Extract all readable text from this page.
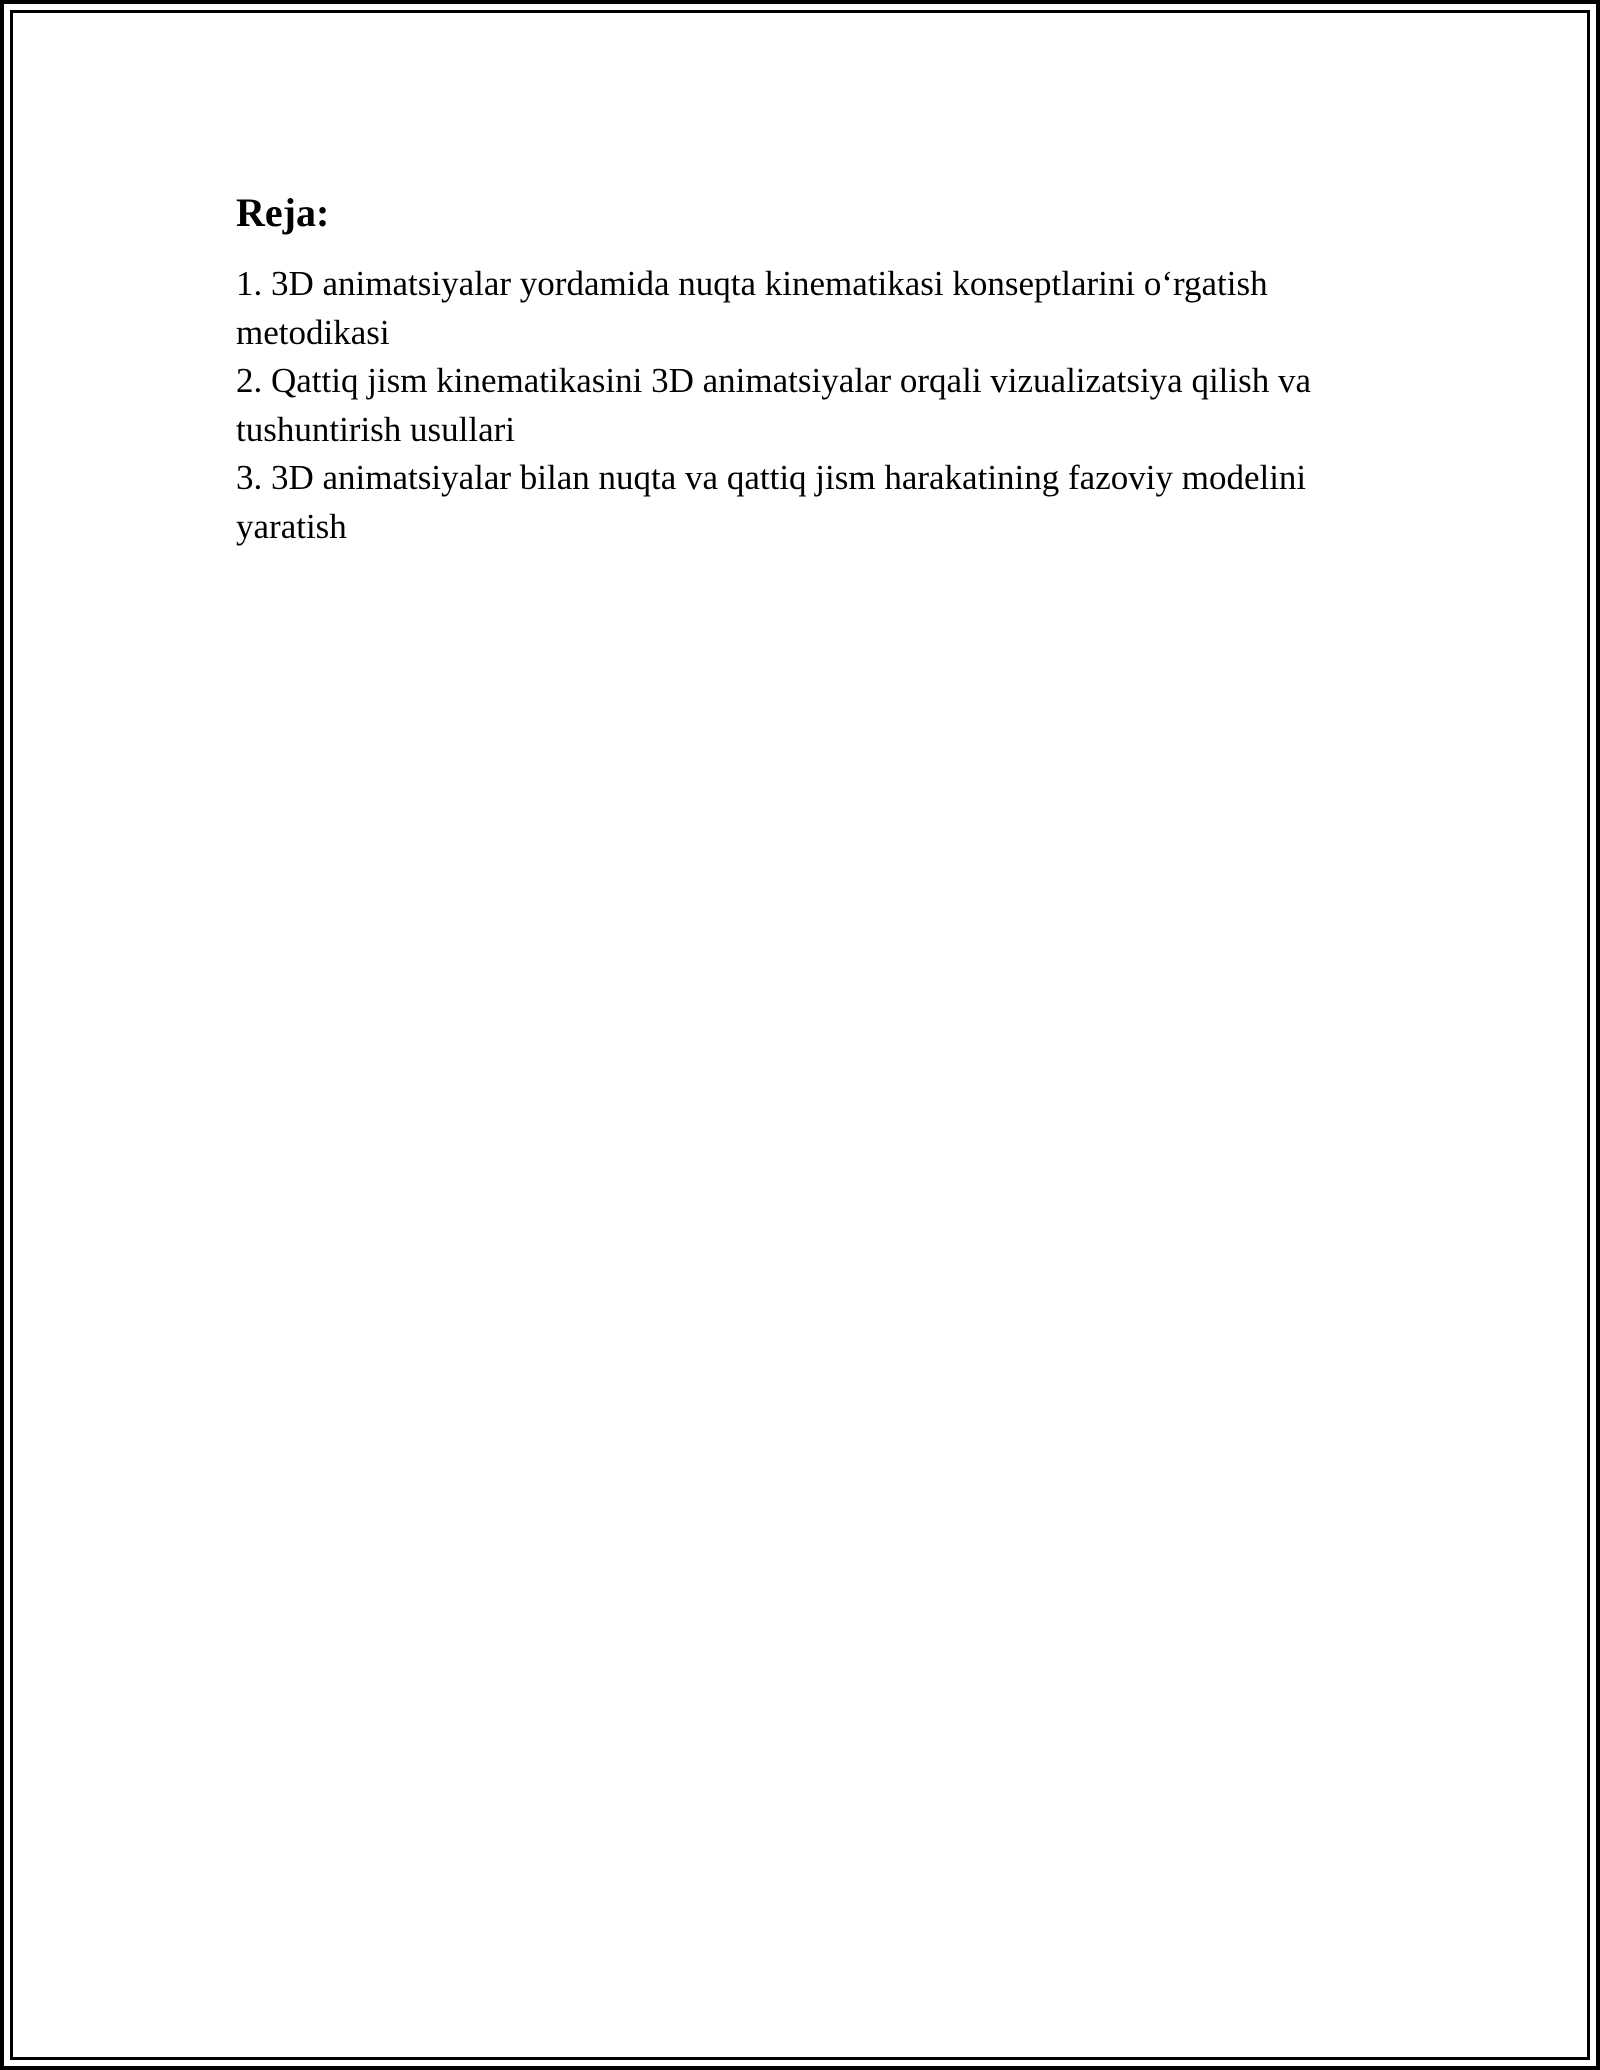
Reja:
1. 3D animatsiyalar yordamida nuqta kinematikasi konseptlarini o‘rgatish metodikasi
2. Qattiq jism kinematikasini 3D animatsiyalar orqali vizualizatsiya qilish va tushuntirish usullari
3. 3D animatsiyalar bilan nuqta va qattiq jism harakatining fazoviy modelini yaratish
